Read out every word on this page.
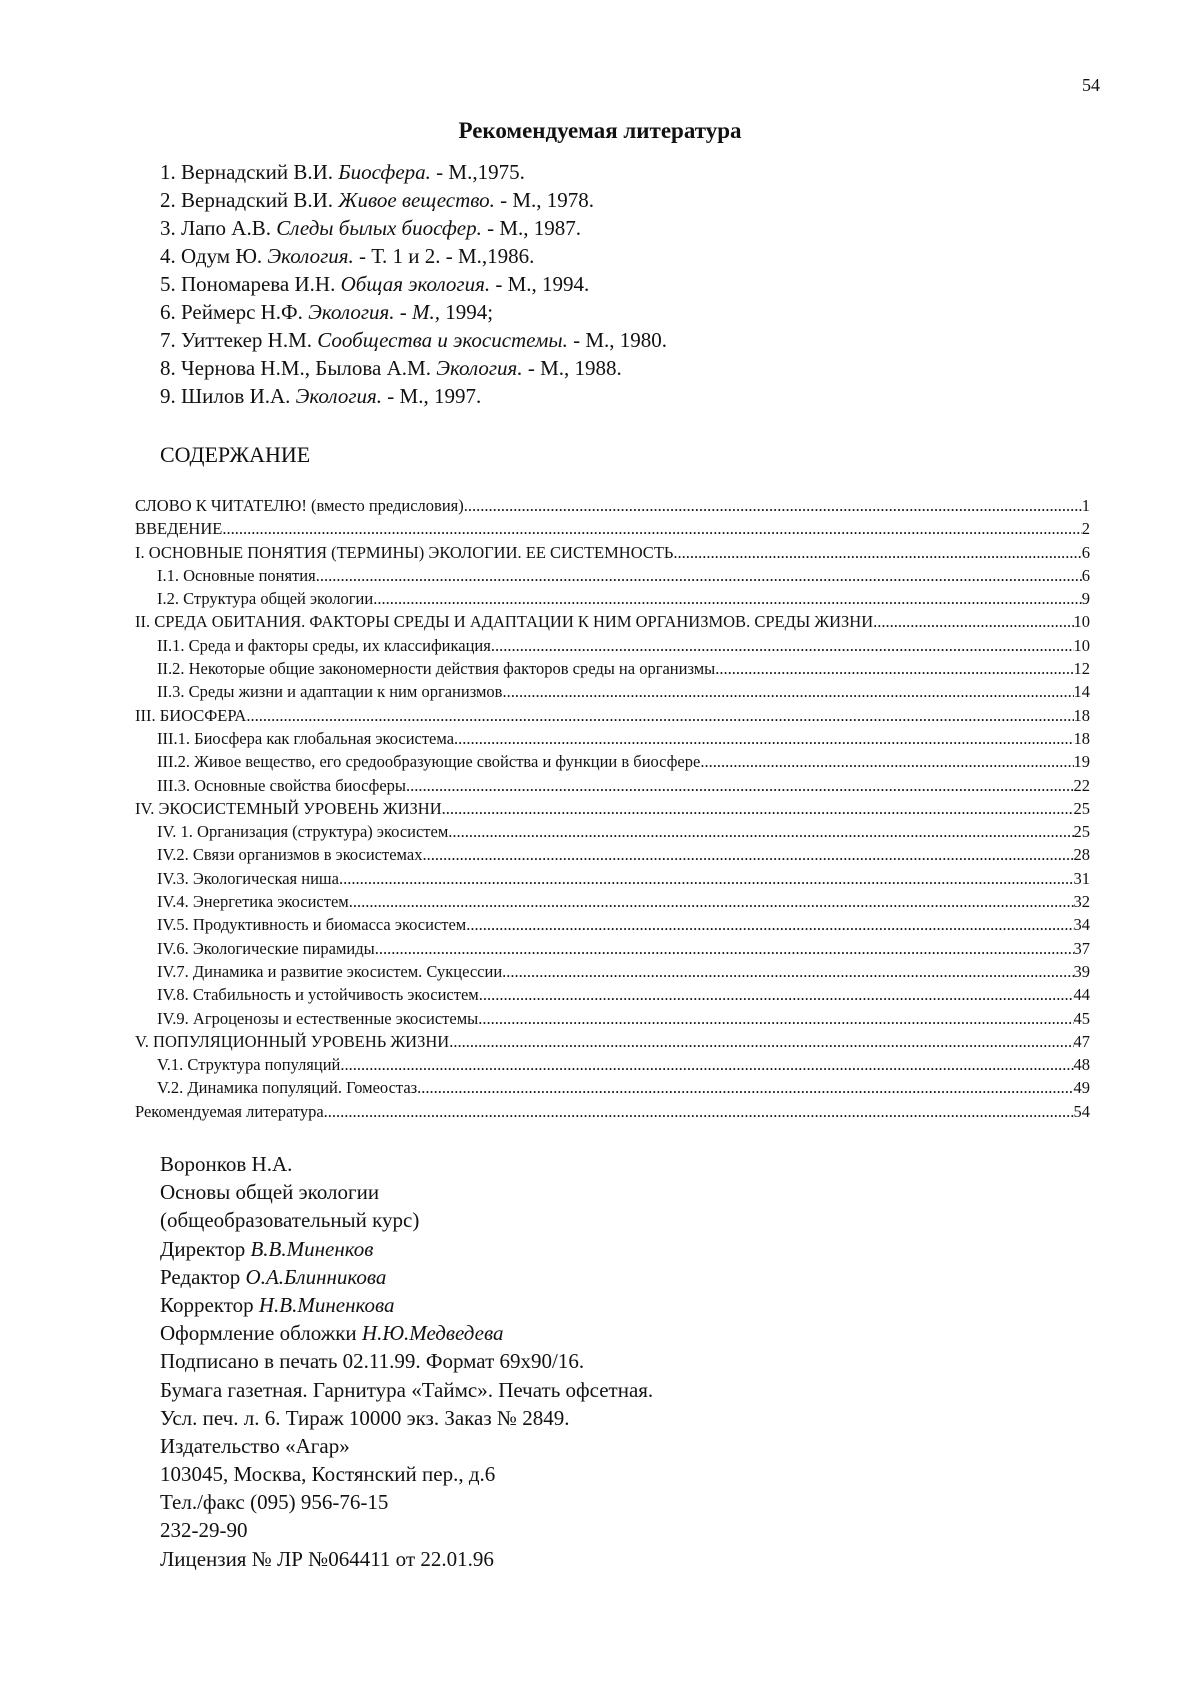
54
Рекомендуемая литература
1. Вернадский В.И. Биосфера. - М.,1975.
2. Вернадский В.И. Живое вещество. - М., 1978.
3. Лапо А.В. Следы былых биосфер. - М., 1987.
4. Одум Ю. Экология. - Т. 1 и 2. - М.,1986.
5. Пономарева И.Н. Общая экология. - М., 1994.
6. Реймерс Н.Ф. Экология. - М., 1994;
7. Уиттекер Н.М. Сообщества и экосистемы. - М., 1980.
8. Чернова Н.М., Былова А.М. Экология. - М., 1988.
9. Шилов И.А. Экология. - М., 1997.
СОДЕРЖАНИЕ
СЛОВО К ЧИТАТЕЛЮ! (вместо предисловия) .....	1
ВВЕДЕНИЕ .....	2
I. ОСНОВНЫЕ ПОНЯТИЯ (ТЕРМИНЫ) ЭКОЛОГИИ. ЕЕ СИСТЕМНОСТЬ .....	6
I.1. Основные понятия .....	6
I.2. Структура общей экологии .....	9
II. СРЕДА ОБИТАНИЯ. ФАКТОРЫ СРЕДЫ И АДАПТАЦИИ К НИМ ОРГАНИЗМОВ. СРЕДЫ ЖИЗНИ .....	10
II.1. Среда и факторы среды, их классификация .....	10
II.2. Некоторые общие закономерности действия факторов среды на организмы .....	12
II.3. Среды жизни и адаптации к ним организмов .....	14
III. БИОСФЕРА .....	18
III.1. Биосфера как глобальная экосистема .....	18
III.2. Живое вещество, его средообразующие свойства и функции в биосфере .....	19
III.3. Основные свойства биосферы .....	22
IV. ЭКОСИСТЕМНЫЙ УРОВЕНЬ ЖИЗНИ .....	25
IV. 1. Организация (структура) экосистем .....	25
IV.2. Связи организмов в экосистемах .....	28
IV.3. Экологическая ниша .....	31
IV.4. Энергетика экосистем .....	32
IV.5. Продуктивность и биомасса экосистем .....	34
IV.6. Экологические пирамиды .....	37
IV.7. Динамика и развитие экосистем. Сукцессии .....	39
IV.8. Стабильность и устойчивость экосистем .....	44
IV.9. Агроценозы и естественные экосистемы .....	45
V. ПОПУЛЯЦИОННЫЙ УРОВЕНЬ ЖИЗНИ .....	47
V.1. Структура популяций .....	48
V.2. Динамика популяций. Гомеостаз .....	49
Рекомендуемая литература .....	54
Воронков Н.А.
Основы общей экологии
(общеобразовательный курс)
Директор В.В.Миненков
Редактор О.А.Блинникова
Корректор Н.В.Миненкова
Оформление обложки Н.Ю.Медведева
Подписано в печать 02.11.99. Формат 69х90/16.
Бумага газетная. Гарнитура «Таймс». Печать офсетная.
Усл. печ. л. 6. Тираж 10000 экз. Заказ № 2849.
Издательство «Агар»
103045, Москва, Костянский пер., д.6
Тел./факс (095) 956-76-15
232-29-90
Лицензия № ЛР №064411 от 22.01.96
